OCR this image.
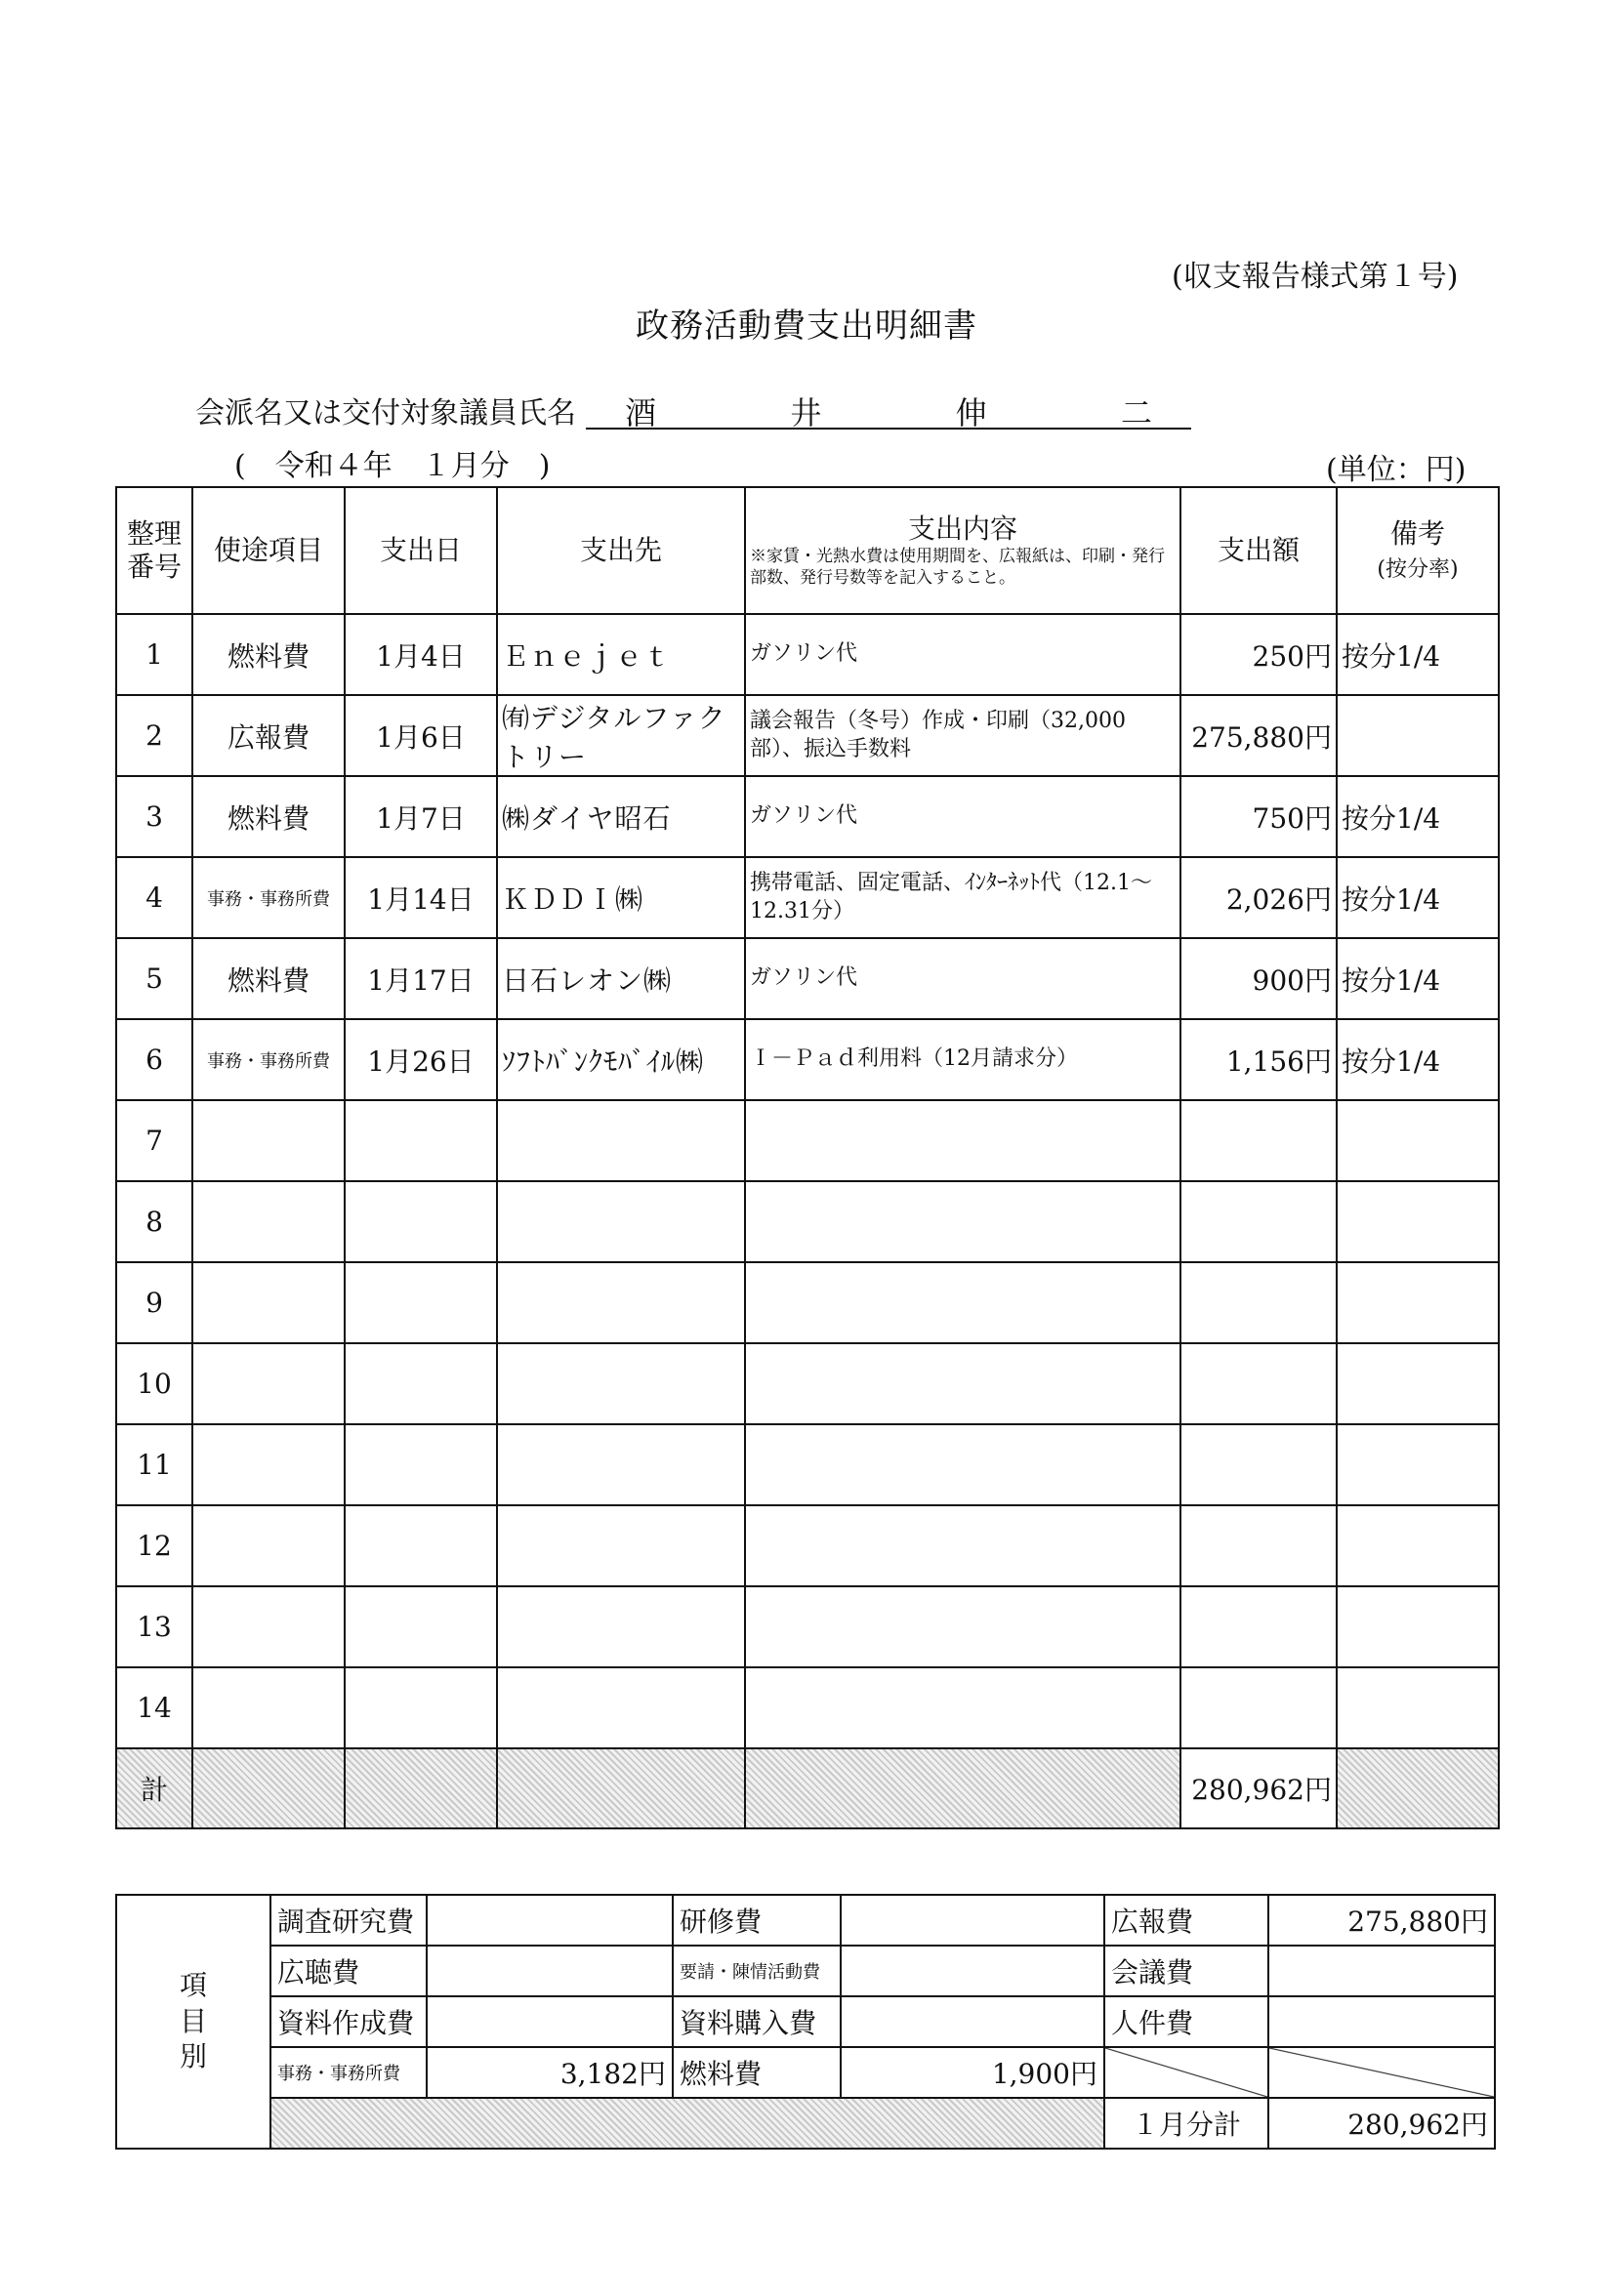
(収支報告様式第１号)
政務活動費支出明細書
会派名又は交付対象議員氏名 酒	井	伸	二
(　令和４年　１月分　)	(単位：円)
整理番号	使途項目	支出日	支出先	支出内容
※家賃・光熱水費は使用期間を、広報紙は、印刷・発行部数、発行号数等を記入すること。	支出額	備考
(按分率)
1	燃料費	1月4日	Ｅｎｅｊｅｔ	ガソリン代	250円	按分1/4
2	広報費	1月6日	㈲デジタルファクトリー	議会報告（冬号）作成・印刷（32,000部）、振込手数料	275,880円	
3	燃料費	1月7日	㈱ダイヤ昭石	ガソリン代	750円	按分1/4
4	事務・事務所費	1月14日	ＫＤＤＩ㈱	携帯電話、固定電話、ｲﾝﾀｰﾈｯﾄ代（12.1～12.31分）	2,026円	按分1/4
5	燃料費	1月17日	日石レオン㈱	ガソリン代	900円	按分1/4
6	事務・事務所費	1月26日	ｿﾌﾄﾊﾞﾝｸﾓﾊﾞｲﾙ㈱	Ｉ－Ｐａｄ利用料（12月請求分）	1,156円	按分1/4
7						
8						
9						
10						
11						
12						
13						
14						
計					280,962円	
項
目
別	調査研究費		研修費		広報費	275,880円
	広聴費		要請・陳情活動費		会議費	
	資料作成費		資料購入費		人件費	
	事務・事務所費	3,182円	燃料費	1,900円		
					１月分計	280,962円
